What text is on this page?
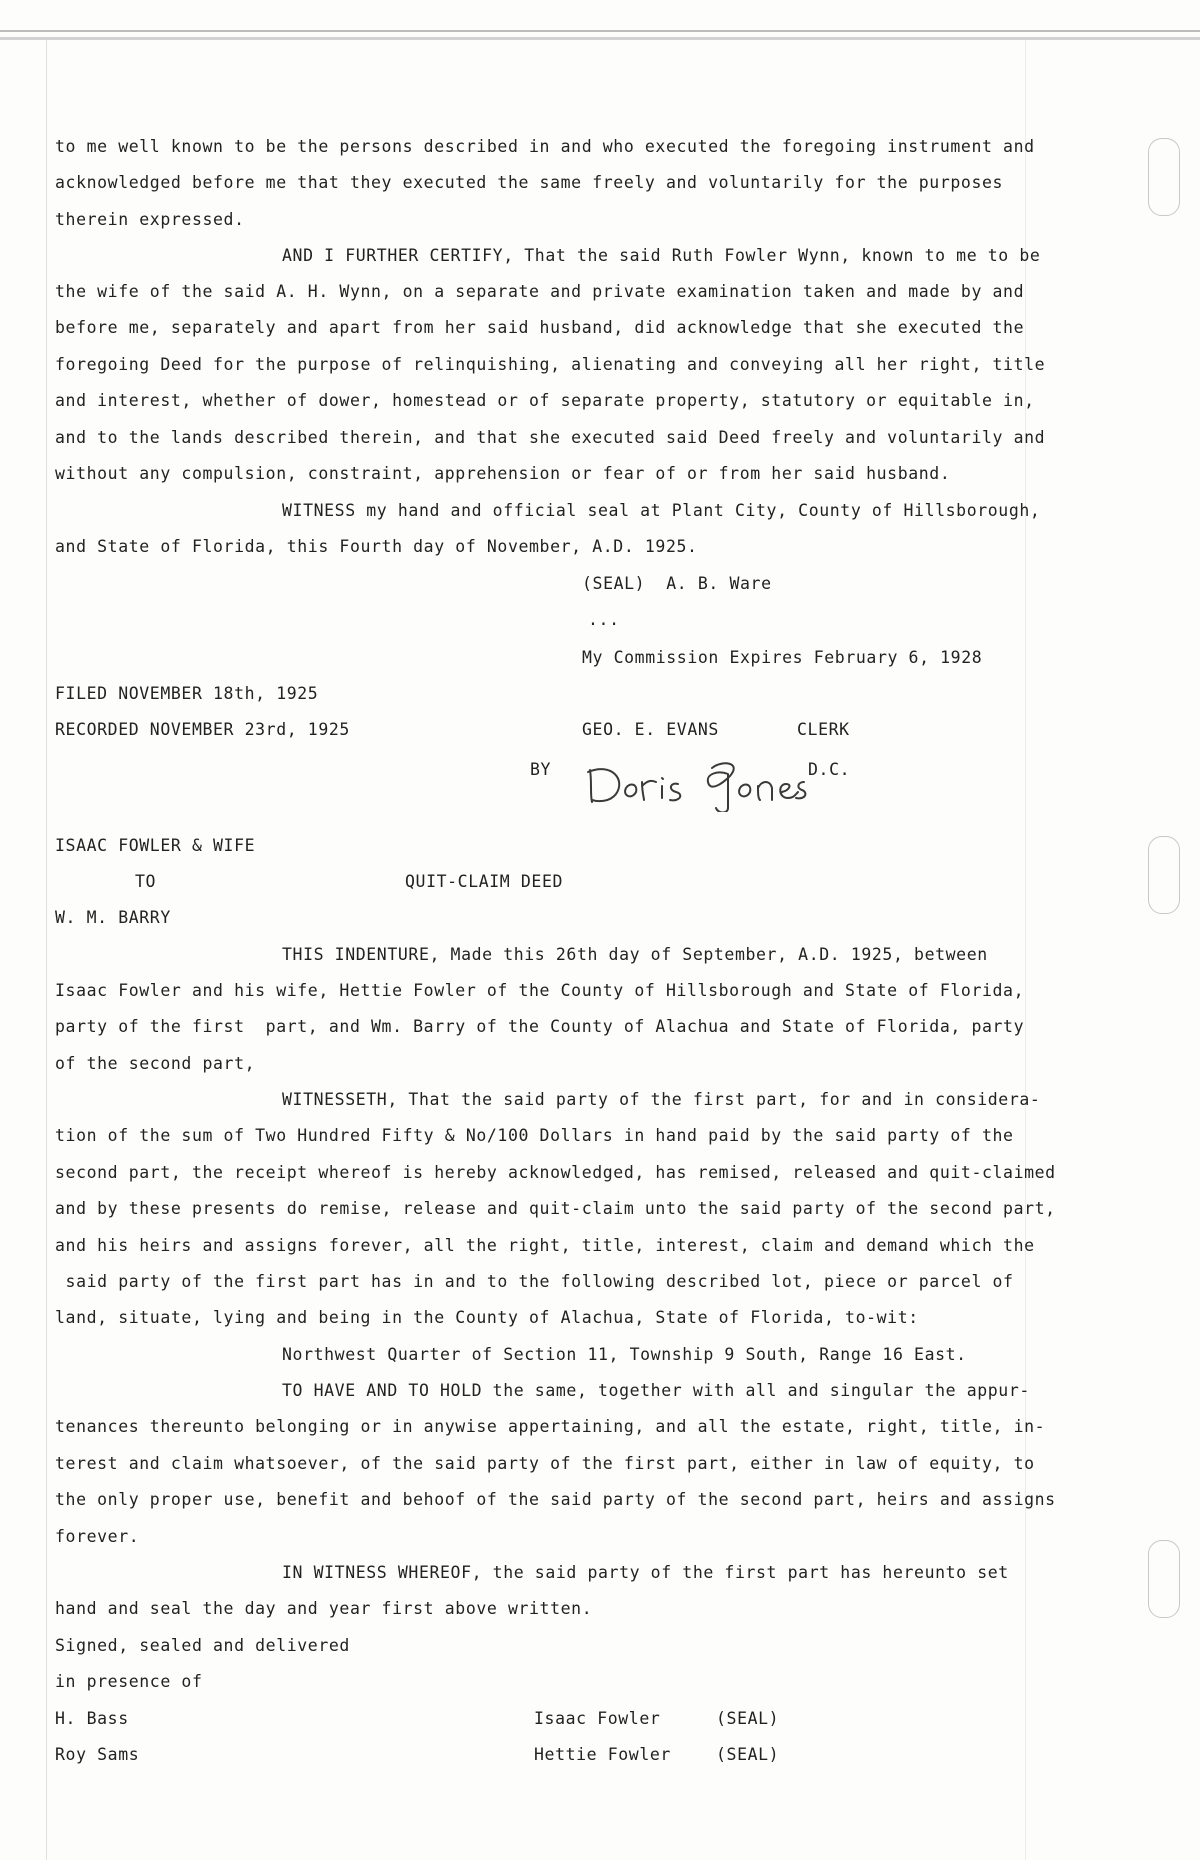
to me well known to be the persons described in and who executed the foregoing instrument and
acknowledged before me that they executed the same freely and voluntarily for the purposes
therein expressed.
AND I FURTHER CERTIFY, That the said Ruth Fowler Wynn, known to me to be
the wife of the said A. H. Wynn, on a separate and private examination taken and made by and
before me, separately and apart from her said husband, did acknowledge that she executed the
foregoing Deed for the purpose of relinquishing, alienating and conveying all her right, title
and interest, whether of dower, homestead or of separate property, statutory or equitable in,
and to the lands described therein, and that she executed said Deed freely and voluntarily and
without any compulsion, constraint, apprehension or fear of or from her said husband.
WITNESS my hand and official seal at Plant City, County of Hillsborough,
and State of Florida, this Fourth day of November, A.D. 1925.
(SEAL)  A. B. Ware
...
My Commission Expires February 6, 1928
FILED NOVEMBER 18th, 1925
RECORDED NOVEMBER 23rd, 1925	GEO. E. EVANS	CLERK
BY	D.C.
ISAAC FOWLER & WIFE
TO	QUIT-CLAIM DEED
W. M. BARRY
THIS INDENTURE, Made this 26th day of September, A.D. 1925, between
Isaac Fowler and his wife, Hettie Fowler of the County of Hillsborough and State of Florida,
party of the first  part, and Wm. Barry of the County of Alachua and State of Florida, party
of the second part,
WITNESSETH, That the said party of the first part, for and in considera-
tion of the sum of Two Hundred Fifty & No/100 Dollars in hand paid by the said party of the
second part, the receipt whereof is hereby acknowledged, has remised, released and quit-claimed
and by these presents do remise, release and quit-claim unto the said party of the second part,
and his heirs and assigns forever, all the right, title, interest, claim and demand which the
said party of the first part has in and to the following described lot, piece or parcel of
land, situate, lying and being in the County of Alachua, State of Florida, to-wit:
Northwest Quarter of Section 11, Township 9 South, Range 16 East.
TO HAVE AND TO HOLD the same, together with all and singular the appur-
tenances thereunto belonging or in anywise appertaining, and all the estate, right, title, in-
terest and claim whatsoever, of the said party of the first part, either in law of equity, to
the only proper use, benefit and behoof of the said party of the second part, heirs and assigns
forever.
IN WITNESS WHEREOF, the said party of the first part has hereunto set
hand and seal the day and year first above written.
Signed, sealed and delivered
in presence of
H. Bass	Isaac Fowler	(SEAL)
Roy Sams	Hettie Fowler	(SEAL)
